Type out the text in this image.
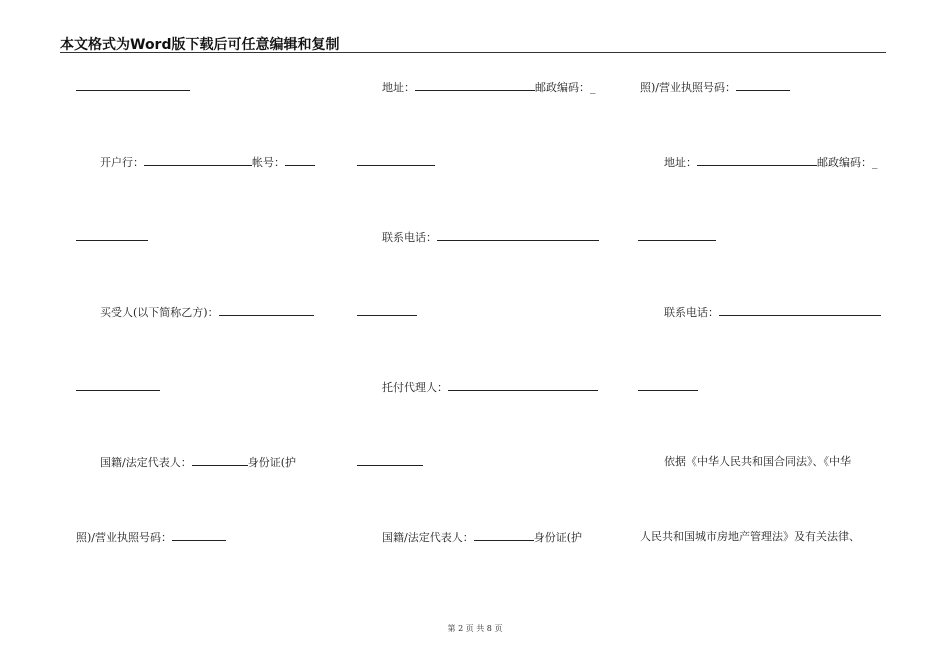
本文格式为Word版下载后可任意编辑和复制
开户行：	帐号：
买受人(以下简称乙方)：
国籍/法定代表人：	身份证(护
照)/营业执照号码：
地址：	邮政编码：_
联系电话：
托付代理人：
国籍/法定代表人：	身份证(护
照)/营业执照号码：
地址：	邮政编码：_
联系电话：
依据《中华人民共和国合同法》、《中华
人民共和国城市房地产管理法》及有关法律、
第 2 页 共 8 页
